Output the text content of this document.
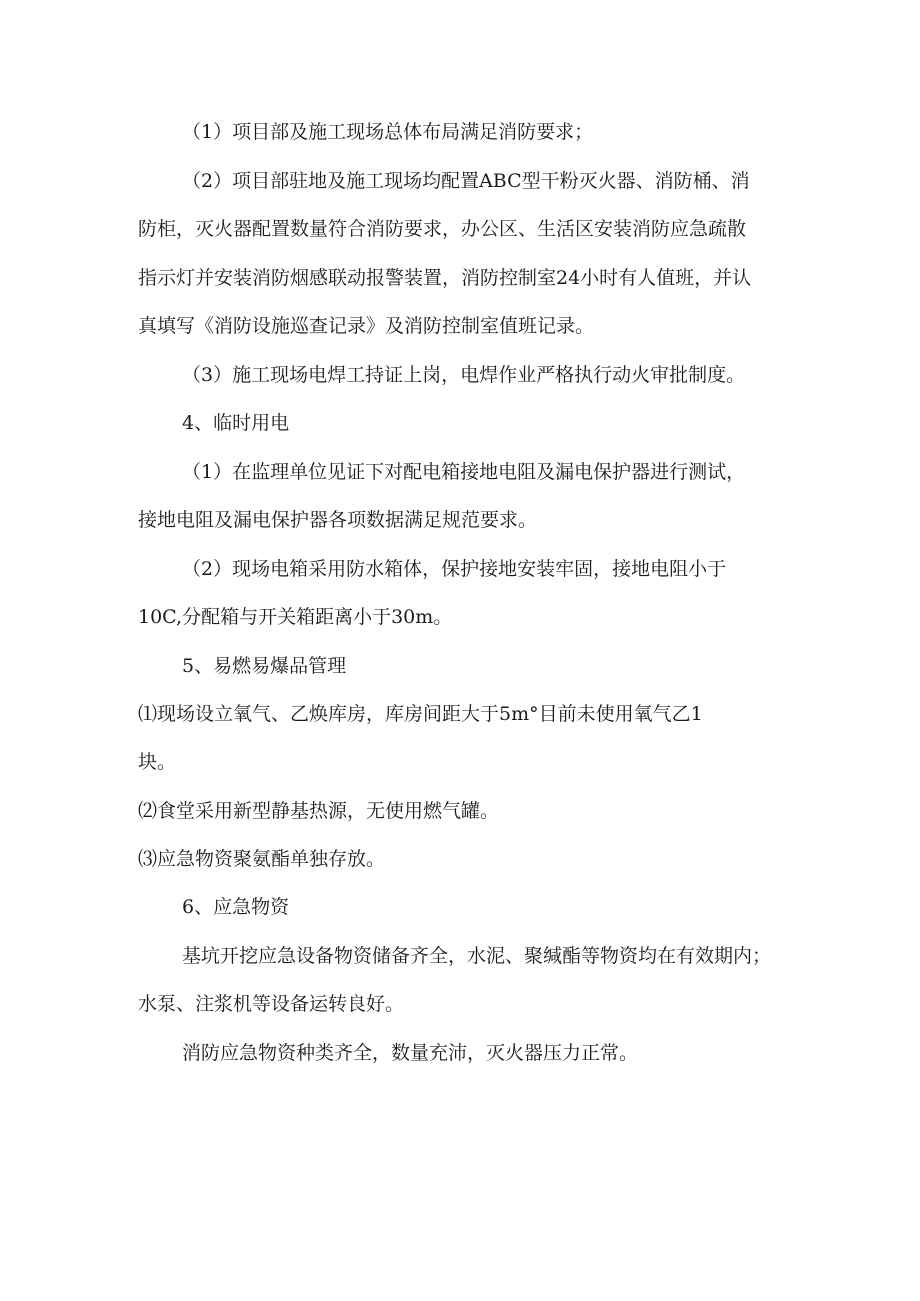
（1）项目部及施工现场总体布局满足消防要求；
（2）项目部驻地及施工现场均配置ABC型干粉灭火器、消防桶、消
防柜，灭火器配置数量符合消防要求，办公区、生活区安装消防应急疏散
指示灯并安装消防烟感联动报警装置，消防控制室24小时有人值班，并认
真填写《消防设施巡查记录》及消防控制室值班记录。
（3）施工现场电焊工持证上岗，电焊作业严格执行动火审批制度。
4、临时用电
（1）在监理单位见证下对配电箱接地电阻及漏电保护器进行测试，
接地电阻及漏电保护器各项数据满足规范要求。
（2）现场电箱采用防水箱体，保护接地安装牢固，接地电阻小于
10C,分配箱与开关箱距离小于30m。
5、易燃易爆品管理
⑴现场设立氧气、乙焕库房，库房间距大于5m°目前未使用氧气乙1
块。
⑵食堂采用新型静基热源，无使用燃气罐。
⑶应急物资聚氨酯单独存放。
6、应急物资
基坑开挖应急设备物资储备齐全，水泥、聚缄酯等物资均在有效期内；
水泵、注浆机等设备运转良好。
消防应急物资种类齐全，数量充沛，灭火器压力正常。
